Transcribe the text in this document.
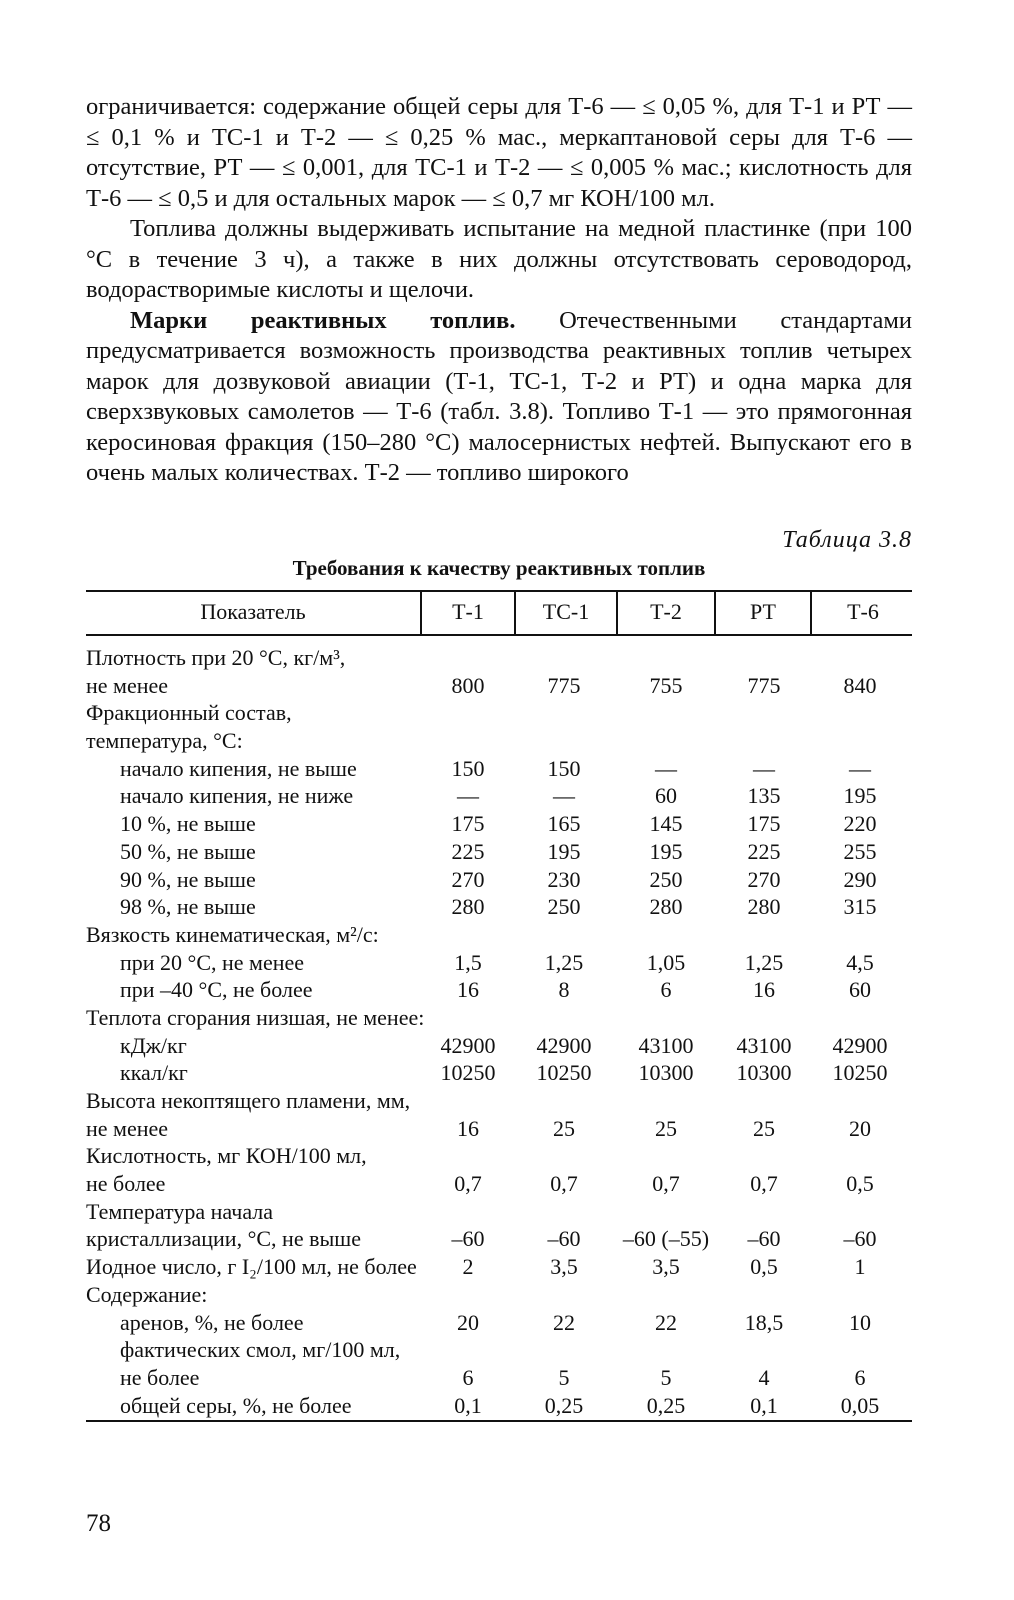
ограничивается: содержание общей серы для Т-6 — ≤ 0,05 %, для Т-1 и РТ — ≤ 0,1 % и ТС-1 и Т-2 — ≤ 0,25 % мас., меркаптановой серы для Т-6 — отсутствие, РТ — ≤ 0,001, для ТС-1 и Т-2 — ≤ 0,005 % мас.; кислотность для Т-6 — ≤ 0,5 и для остальных марок — ≤ 0,7 мг КОН/100 мл.

Топлива должны выдерживать испытание на медной пластинке (при 100 °С в течение 3 ч), а также в них должны отсутствовать сероводород, водорастворимые кислоты и щелочи.

Марки реактивных топлив. Отечественными стандартами предусматривается возможность производства реактивных топлив четырех марок для дозвуковой авиации (Т-1, ТС-1, Т-2 и РТ) и одна марка для сверхзвуковых самолетов — Т-6 (табл. 3.8). Топливо Т-1 — это прямогонная керосиновая фракция (150–280 °С) малосернистых нефтей. Выпускают его в очень малых количествах. Т-2 — топливо широкого

Таблица 3.8
Требования к качеству реактивных топлив
Показатель	Т-1	ТС-1	Т-2	РТ	Т-6
Плотность при 20 °С, кг/м³,
не менее	800	775	755	775	840
Фракционный состав,
температура, °С:
начало кипения, не выше	150	150	—	—	—
начало кипения, не ниже	—	—	60	135	195
10 %, не выше	175	165	145	175	220
50 %, не выше	225	195	195	225	255
90 %, не выше	270	230	250	270	290
98 %, не выше	280	250	280	280	315
Вязкость кинематическая, м²/с:
при 20 °С, не менее	1,5	1,25	1,05	1,25	4,5
при –40 °С, не более	16	8	6	16	60
Теплота сгорания низшая, не менее:
кДж/кг	42900	42900	43100	43100	42900
ккал/кг	10250	10250	10300	10300	10250
Высота некоптящего пламени, мм,
не менее	16	25	25	25	20
Кислотность, мг КОН/100 мл,
не более	0,7	0,7	0,7	0,7	0,5
Температура начала
кристаллизации, °С, не выше	–60	–60	–60 (–55)	–60	–60
Иодное число, г I₂/100 мл, не более	2	3,5	3,5	0,5	1
Содержание:
аренов, %, не более	20	22	22	18,5	10
фактических смол, мг/100 мл,
не более	6	5	5	4	6
общей серы, %, не более	0,1	0,25	0,25	0,1	0,05
78
